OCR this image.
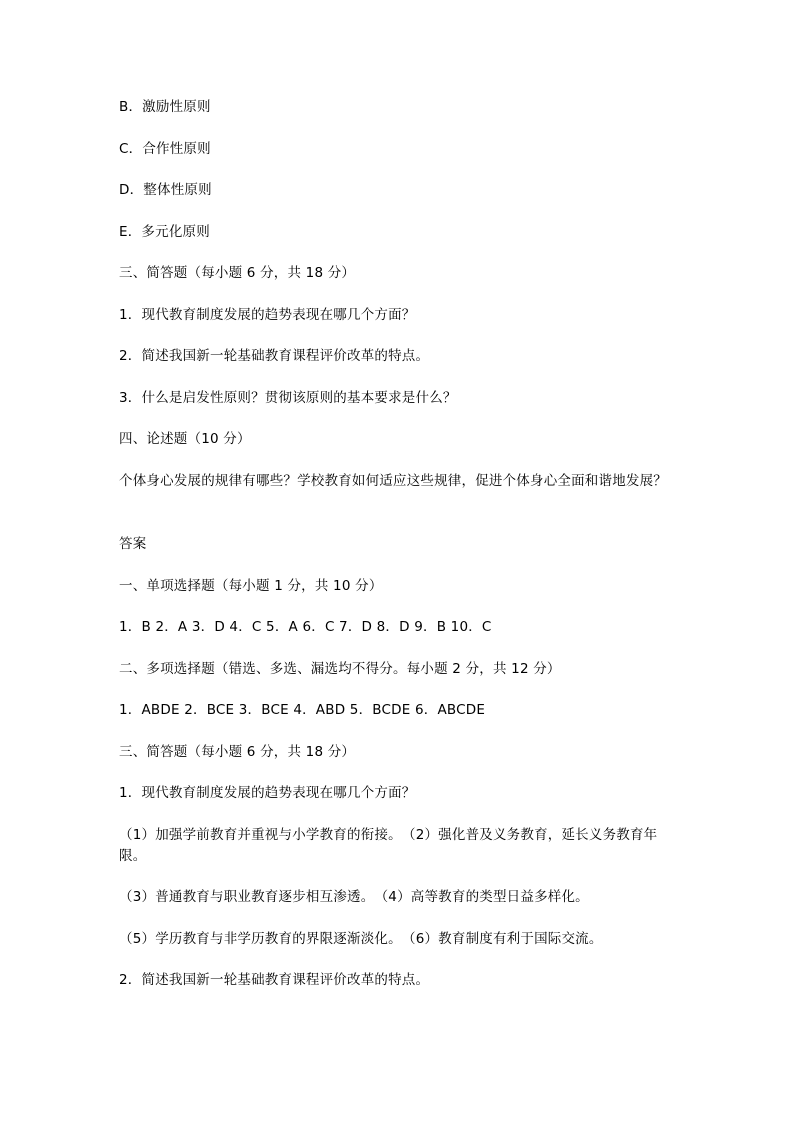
B．激励性原则
C．合作性原则
D．整体性原则
E．多元化原则
三、简答题（每小题 6 分，共 18 分）
1．现代教育制度发展的趋势表现在哪几个方面？
2．简述我国新一轮基础教育课程评价改革的特点。
3．什么是启发性原则？贯彻该原则的基本要求是什么？
四、论述题（10 分）
个体身心发展的规律有哪些？学校教育如何适应这些规律，促进个体身心全面和谐地发展？
答案
一、单项选择题（每小题 1 分，共 10 分）
1．B 2．A 3．D 4．C 5．A 6．C 7．D 8．D 9．B 10．C
二、多项选择题（错选、多选、漏选均不得分。每小题 2 分，共 12 分）
1．ABDE 2．BCE 3．BCE 4．ABD 5．BCDE 6．ABCDE
三、简答题（每小题 6 分，共 18 分）
1．现代教育制度发展的趋势表现在哪几个方面？
（1）加强学前教育并重视与小学教育的衔接。　（2）强化普及义务教育，延长义务教育年限。
（3）普通教育与职业教育逐步相互渗透。　（4）高等教育的类型日益多样化。
（5）学历教育与非学历教育的界限逐渐淡化。　（6）教育制度有利于国际交流。
2．简述我国新一轮基础教育课程评价改革的特点。
